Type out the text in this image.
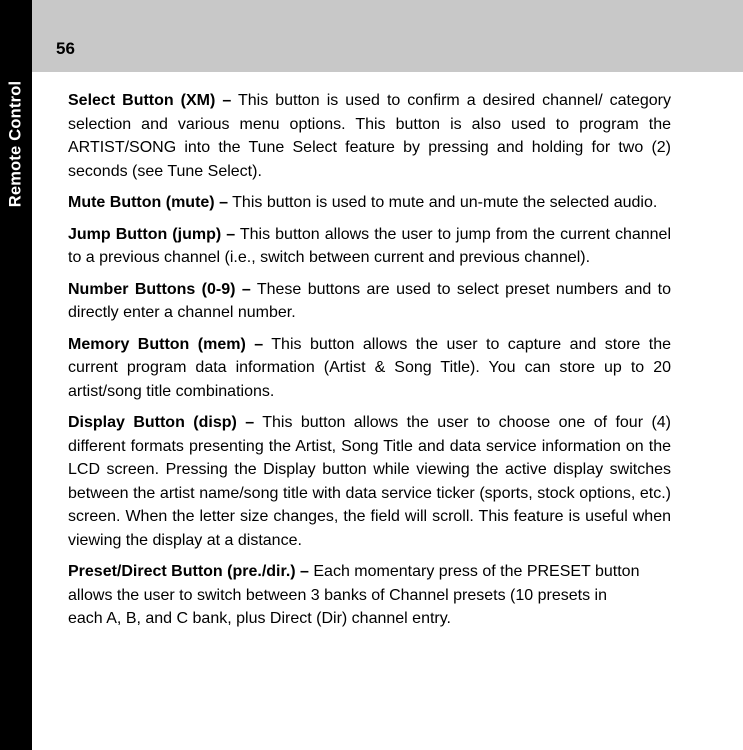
Remote Control
56

Select Button (XM) – This button is used to confirm a desired channel/ category selection and various menu options. This button is also used to program the ARTIST/SONG into the Tune Select feature by pressing and holding for two (2) seconds (see Tune Select).

Mute Button (mute) – This button is used to mute and un-mute the selected audio.

Jump Button (jump) – This button allows the user to jump from the current channel to a previous channel (i.e., switch between current and previous channel).

Number Buttons (0-9) – These buttons are used to select preset numbers and to directly enter a channel number.

Memory Button (mem) – This button allows the user to capture and store the current program data information (Artist & Song Title). You can store up to 20 artist/song title combinations.

Display Button (disp) – This button allows the user to choose one of four (4) different formats presenting the Artist, Song Title and data service information on the LCD screen. Pressing the Display button while viewing the active display switches between the artist name/song title with data service ticker (sports, stock options, etc.) screen. When the letter size changes, the field will scroll. This feature is useful when viewing the display at a distance.

Preset/Direct Button (pre./dir.) – Each momentary press of the PRESET button allows the user to switch between 3 banks of Channel presets (10 presets in each A, B, and C bank, plus Direct (Dir) channel entry.
